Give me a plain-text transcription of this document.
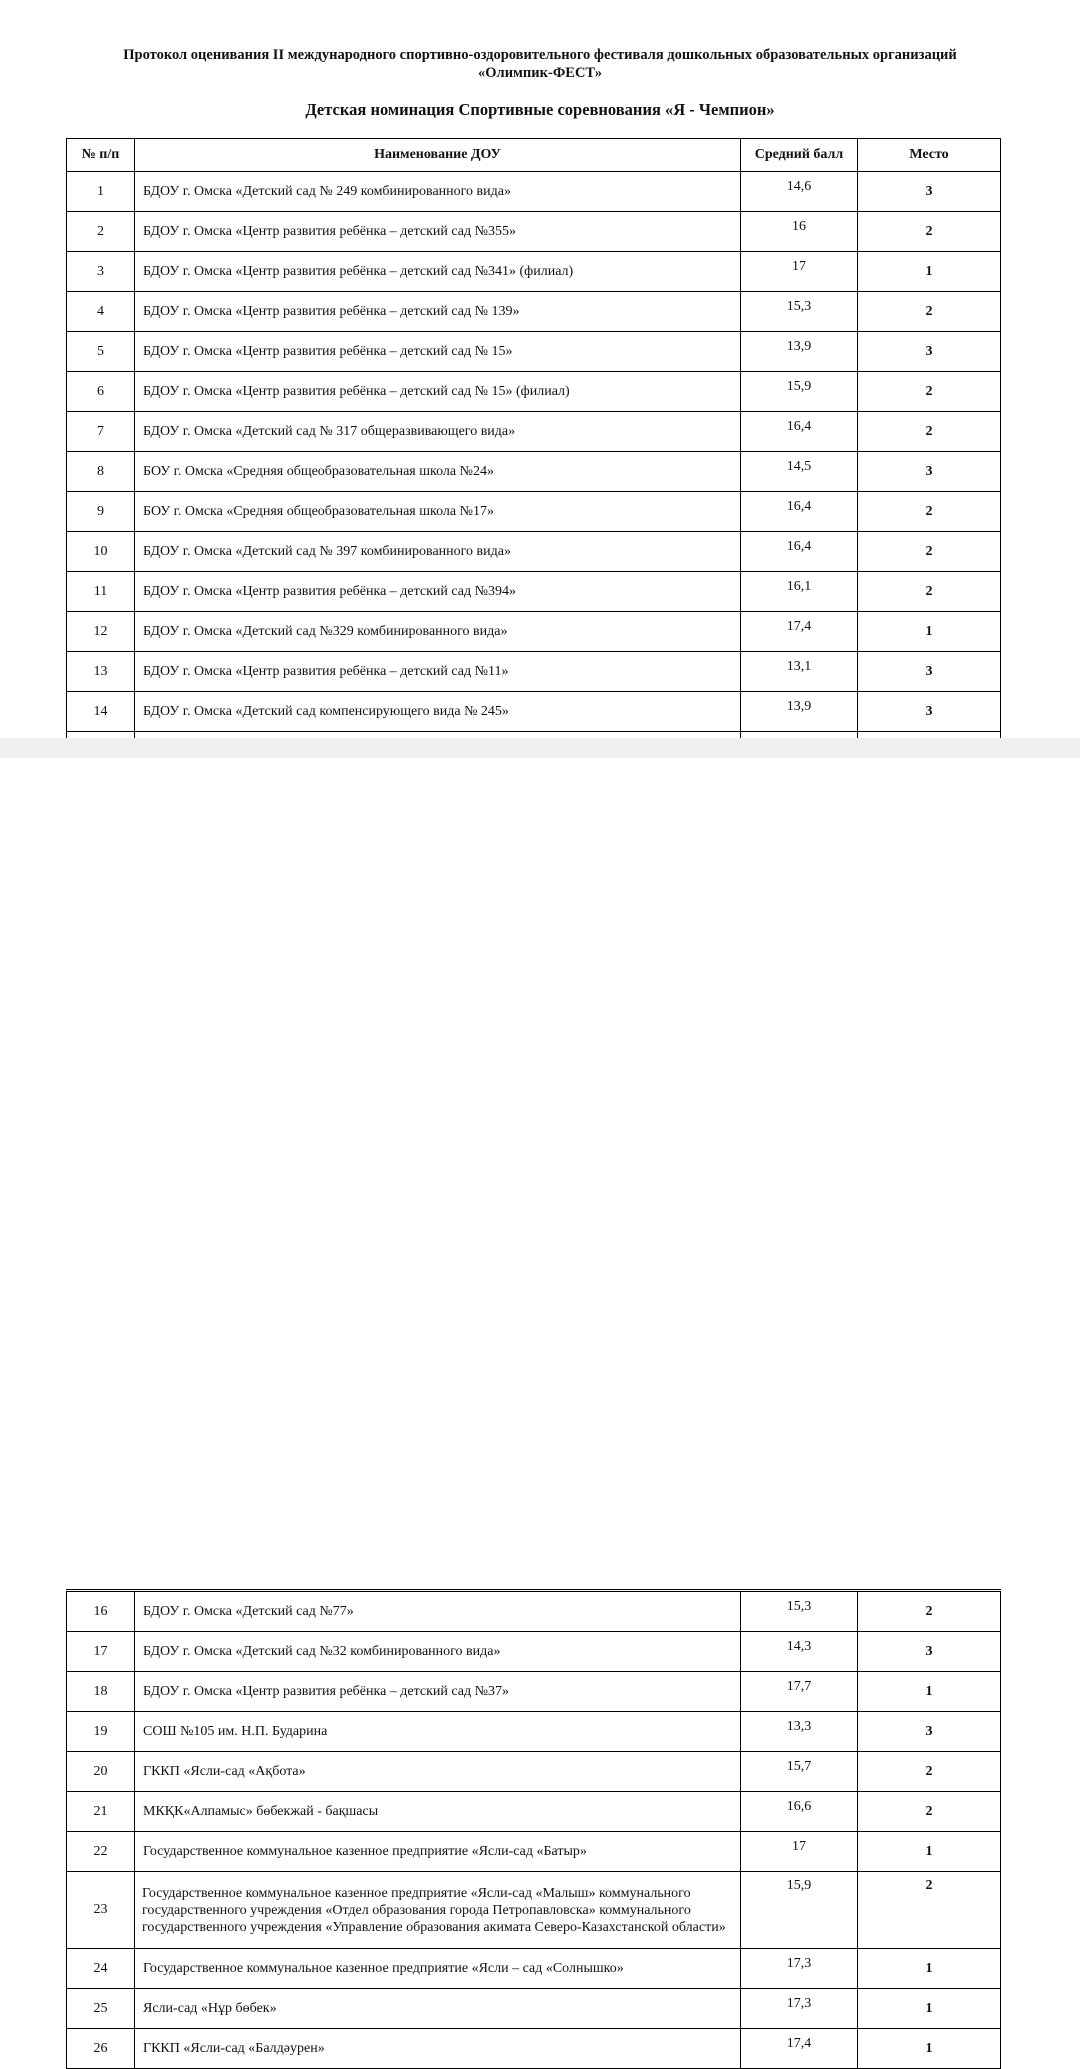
Протокол оценивания II международного спортивно-оздоровительного фестиваля дошкольных образовательных организаций
«Олимпик-ФЕСТ»
Детская номинация Спортивные соревнования «Я - Чемпион»
№ п/п	Наименование ДОУ	Средний балл	Место
1	БДОУ г. Омска «Детский сад № 249 комбинированного вида»	14,6	3
2	БДОУ г. Омска «Центр развития ребёнка – детский сад №355»	16	2
3	БДОУ г. Омска «Центр развития ребёнка – детский сад №341» (филиал)	17	1
4	БДОУ г. Омска «Центр развития ребёнка – детский сад № 139»	15,3	2
5	БДОУ г. Омска «Центр развития ребёнка – детский сад № 15»	13,9	3
6	БДОУ г. Омска «Центр развития ребёнка – детский сад № 15» (филиал)	15,9	2
7	БДОУ г. Омска «Детский сад № 317 общеразвивающего вида»	16,4	2
8	БОУ г. Омска «Средняя общеобразовательная школа №24»	14,5	3
9	БОУ г. Омска «Средняя общеобразовательная школа №17»	16,4	2
10	БДОУ г. Омска «Детский сад № 397 комбинированного вида»	16,4	2
11	БДОУ г. Омска «Центр развития ребёнка – детский сад №394»	16,1	2
12	БДОУ г. Омска «Детский сад №329 комбинированного вида»	17,4	1
13	БДОУ г. Омска «Центр развития ребёнка – детский сад №11»	13,1	3
14	БДОУ г. Омска «Детский сад компенсирующего вида № 245»	13,9	3

16	БДОУ г. Омска «Детский сад №77»	15,3	2
17	БДОУ г. Омска «Детский сад №32 комбинированного вида»	14,3	3
18	БДОУ г. Омска «Центр развития ребёнка – детский сад №37»	17,7	1
19	СОШ №105 им. Н.П. Бударина	13,3	3
20	ГККП «Ясли-сад «Ақбота»	15,7	2
21	МКҚК«Алпамыс» бөбекжай - бақшасы	16,6	2
22	Государственное коммунальное казенное предприятие «Ясли-сад «Батыр»	17	1
23	Государственное коммунальное казенное предприятие «Ясли-сад «Малыш» коммунального государственного учреждения «Отдел образования города Петропавловска» коммунального государственного учреждения «Управление образования акимата Северо-Казахстанской области»	15,9	2
24	Государственное коммунальное казенное предприятие «Ясли – сад «Солнышко»	17,3	1
25	Ясли-сад «Нұр бөбек»	17,3	1
26	ГККП «Ясли-сад «Балдәурен»	17,4	1
